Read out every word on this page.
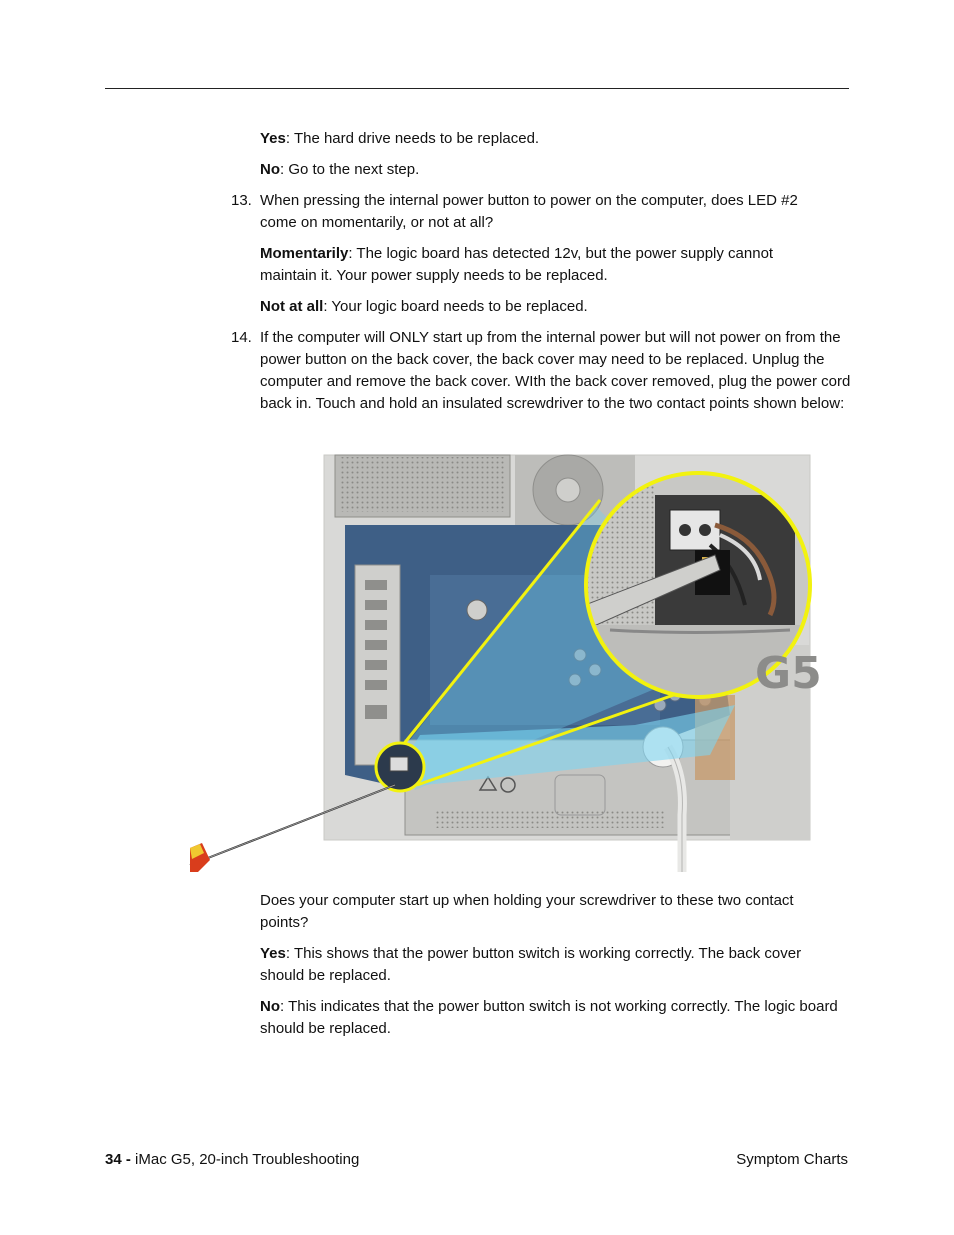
Yes: The hard drive needs to be replaced.

No: Go to the next step.

13. When pressing the internal power button to power on the computer, does LED #2 come on momentarily, or not at all?

Momentarily: The logic board has detected 12v, but the power supply cannot maintain it. Your power supply needs to be replaced.

Not at all: Your logic board needs to be replaced.

14. If the computer will ONLY start up from the internal power but will not power on from the power button on the back cover, the back cover may need to be replaced. Unplug the computer and remove the back cover. WIth the back cover removed, plug the power cord back in. Touch and hold an insulated screwdriver to the two contact points shown below:

G5

Does your computer start up when holding your screwdriver to these two contact points?

Yes: This shows that the power button switch is working correctly. The back cover should be replaced.

No: This indicates that the power button switch is not working correctly. The logic board should be replaced.

34 - iMac G5, 20-inch Troubleshooting	Symptom Charts
